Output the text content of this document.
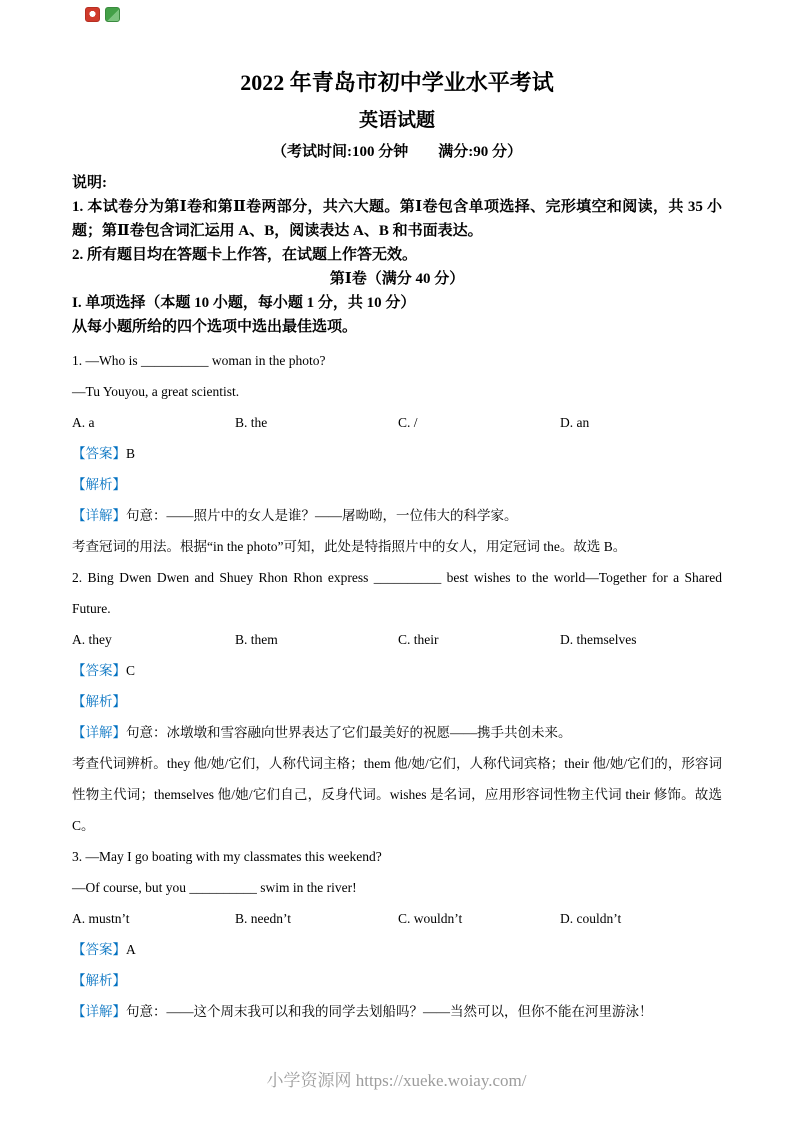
2022 年青岛市初中学业水平考试
英语试题
（考试时间:100 分钟　　满分:90 分）
说明:
1. 本试卷分为第Ⅰ卷和第Ⅱ卷两部分，共六大题。第Ⅰ卷包含单项选择、完形填空和阅读，共 35 小题；第Ⅱ卷包含词汇运用 A、B，阅读表达 A、B 和书面表达。
2. 所有题目均在答题卡上作答，在试题上作答无效。
第Ⅰ卷（满分 40 分）
I. 单项选择（本题 10 小题，每小题 1 分，共 10 分）
从每小题所给的四个选项中选出最佳选项。
1. —Who is __________ woman in the photo?
—Tu Youyou, a great scientist.
A. a	B. the	C. /	D. an
【答案】B
【解析】
【详解】句意：——照片中的女人是谁？——屠呦呦，一位伟大的科学家。
考查冠词的用法。根据“in the photo”可知，此处是特指照片中的女人，用定冠词 the。故选 B。
2. Bing Dwen Dwen and Shuey Rhon Rhon express __________ best wishes to the world—Together for a Shared Future.
A. they	B. them	C. their	D. themselves
【答案】C
【解析】
【详解】句意：冰墩墩和雪容融向世界表达了它们最美好的祝愿——携手共创未来。
考查代词辨析。they 他/她/它们，人称代词主格；them 他/她/它们，人称代词宾格；their 他/她/它们的，形容词性物主代词；themselves 他/她/它们自己，反身代词。wishes 是名词，应用形容词性物主代词 their 修饰。故选 C。
3. —May I go boating with my classmates this weekend?
—Of course, but you __________ swim in the river!
A. mustn’t	B. needn’t	C. wouldn’t	D. couldn’t
【答案】A
【解析】
【详解】句意：——这个周末我可以和我的同学去划船吗？——当然可以，但你不能在河里游泳！
小学资源网 https://xueke.woiay.com/
